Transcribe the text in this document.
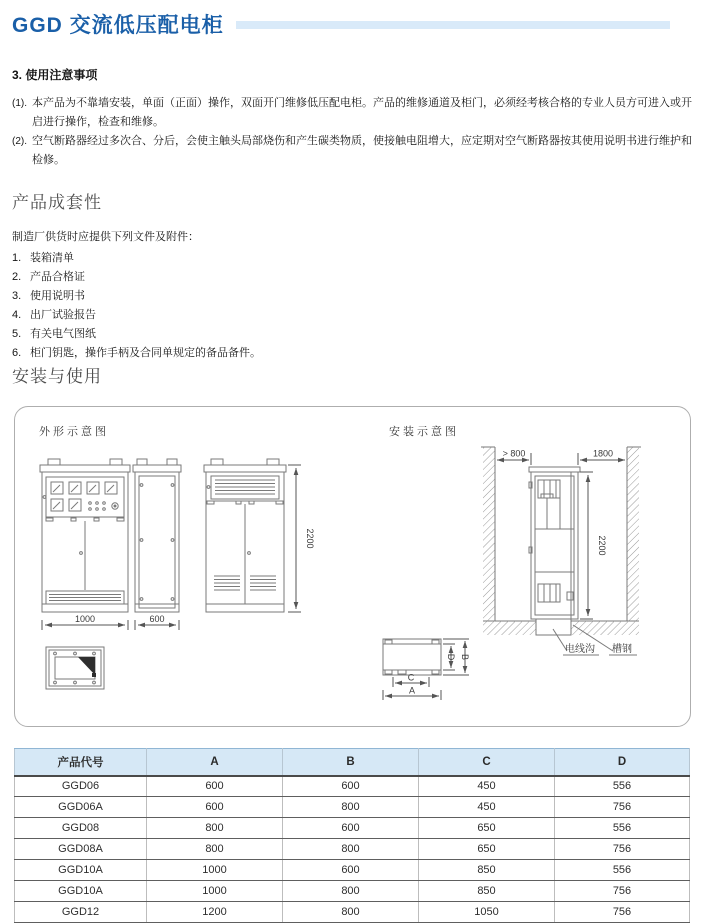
GGD 交流低压配电柜
3. 使用注意事项
(1). 本产品为不靠墙安装，单面（正面）操作，双面开门维修低压配电柜。产品的维修通道及柜门，必须经考核合格的专业人员方可进入或开启进行操作，检查和维修。
(2). 空气断路器经过多次合、分后，会使主触头局部烧伤和产生碳类物质，使接触电阻增大，应定期对空气断路器按其使用说明书进行维护和检修。
产品成套性
制造厂供货时应提供下列文件及附件：
1. 装箱清单
2. 产品合格证
3. 使用说明书
4. 出厂试验报告
5. 有关电气图纸
6. 柜门钥匙，操作手柄及合同单规定的备品备件。
安装与使用
外形示意图	安装示意图
1000	600
2200
C
A
D B
> 800	1800
2200
电线沟 槽钢
产品代号	A	B	C	D
GGD06	600	600	450	556
GGD06A	600	800	450	756
GGD08	800	600	650	556
GGD08A	800	800	650	756
GGD10A	1000	600	850	556
GGD10A	1000	800	850	756
GGD12	1200	800	1050	756
